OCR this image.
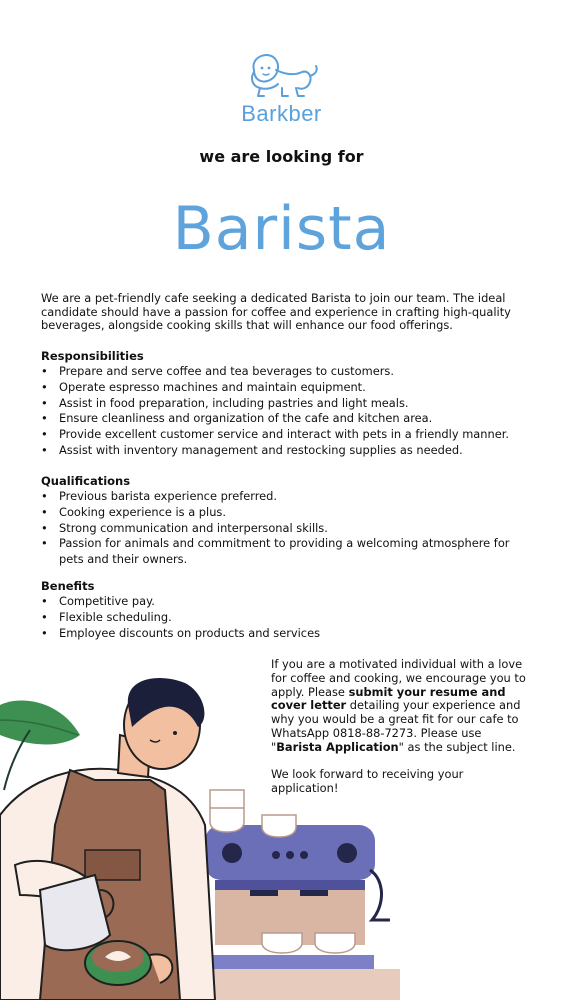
Barkber
we are looking for
Barista
We are a pet-friendly cafe seeking a dedicated Barista to join our team. The ideal candidate should have a passion for coffee and experience in crafting high-quality beverages, alongside cooking skills that will enhance our food offerings.
Responsibilities
• Prepare and serve coffee and tea beverages to customers.
• Operate espresso machines and maintain equipment.
• Assist in food preparation, including pastries and light meals.
• Ensure cleanliness and organization of the cafe and kitchen area.
• Provide excellent customer service and interact with pets in a friendly manner.
• Assist with inventory management and restocking supplies as needed.
Qualifications
• Previous barista experience preferred.
• Cooking experience is a plus.
• Strong communication and interpersonal skills.
• Passion for animals and commitment to providing a welcoming atmosphere for pets and their owners.
Benefits
• Competitive pay.
• Flexible scheduling.
• Employee discounts on products and services

If you are a motivated individual with a love for coffee and cooking, we encourage you to apply. Please submit your resume and cover letter detailing your experience and why you would be a great fit for our cafe to WhatsApp 0818-88-7273. Please use "Barista Application" as the subject line.

We look forward to receiving your application!
